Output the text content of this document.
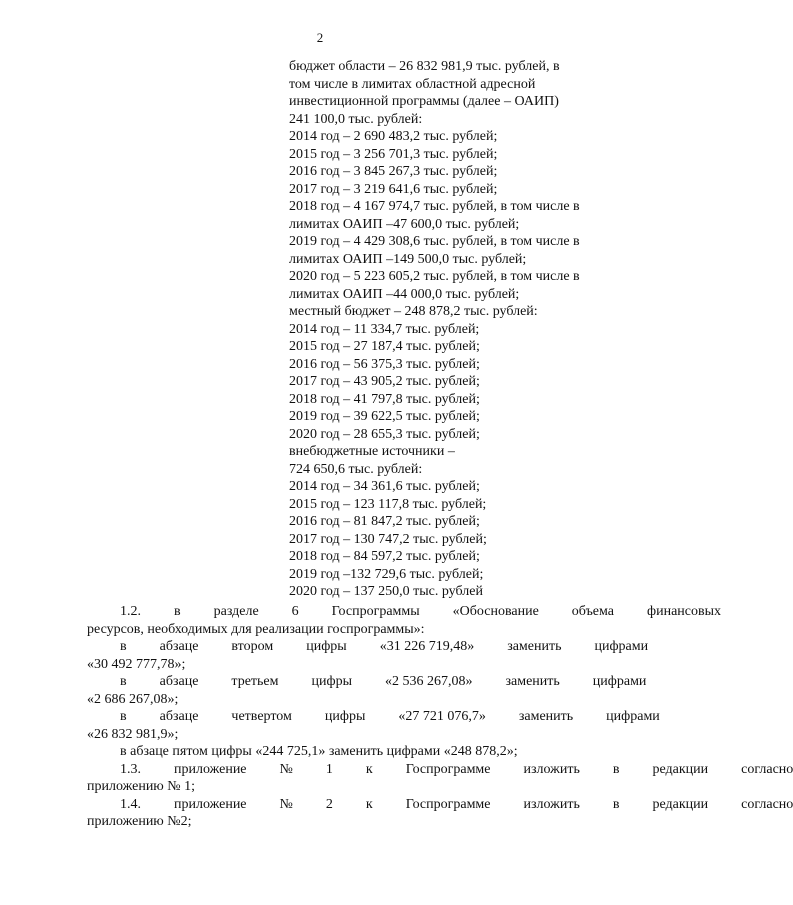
2
бюджет области – 26 832 981,9 тыс. рублей, в
том числе в лимитах областной адресной
инвестиционной программы (далее – ОАИП)
241 100,0 тыс. рублей:
2014 год – 2 690 483,2 тыс. рублей;
2015 год – 3 256 701,3 тыс. рублей;
2016 год – 3 845 267,3 тыс. рублей;
2017 год – 3 219 641,6 тыс. рублей;
2018 год – 4 167 974,7 тыс. рублей, в том числе в
лимитах ОАИП –47 600,0 тыс. рублей;
2019 год – 4 429 308,6 тыс. рублей, в том числе в
лимитах ОАИП –149 500,0 тыс. рублей;
2020 год – 5 223 605,2 тыс. рублей, в том числе в
лимитах ОАИП –44 000,0 тыс. рублей;
местный бюджет – 248 878,2 тыс. рублей:
2014 год – 11 334,7 тыс. рублей;
2015 год – 27 187,4 тыс. рублей;
2016 год – 56 375,3 тыс. рублей;
2017 год – 43 905,2 тыс. рублей;
2018 год – 41 797,8 тыс. рублей;
2019 год – 39 622,5 тыс. рублей;
2020 год – 28 655,3 тыс. рублей;
внебюджетные источники –
724 650,6 тыс. рублей:
2014 год – 34 361,6 тыс. рублей;
2015 год – 123 117,8 тыс. рублей;
2016 год – 81 847,2 тыс. рублей;
2017 год – 130 747,2 тыс. рублей;
2018 год – 84 597,2 тыс. рублей;
2019 год –132 729,6 тыс. рублей;
2020 год – 137 250,0 тыс. рублей
1.2.	в	разделе	6	Госпрограммы	«Обоснование	объема	финансовых
ресурсов, необходимых для реализации госпрограммы»:
в	абзаце	втором	цифры	«31 226 719,48»	заменить	цифрами
«30 492 777,78»;
в	абзаце	третьем	цифры	«2 536 267,08»	заменить	цифрами
«2 686 267,08»;
в	абзаце	четвертом	цифры	«27 721 076,7»	заменить	цифрами
«26 832 981,9»;
в абзаце пятом цифры «244 725,1» заменить цифрами «248 878,2»;
1.3.	приложение	№	1	к	Госпрограмме	изложить	в	редакции	согласно
приложению № 1;
1.4.	приложение	№	2	к	Госпрограмме	изложить	в	редакции	согласно
приложению №2;
